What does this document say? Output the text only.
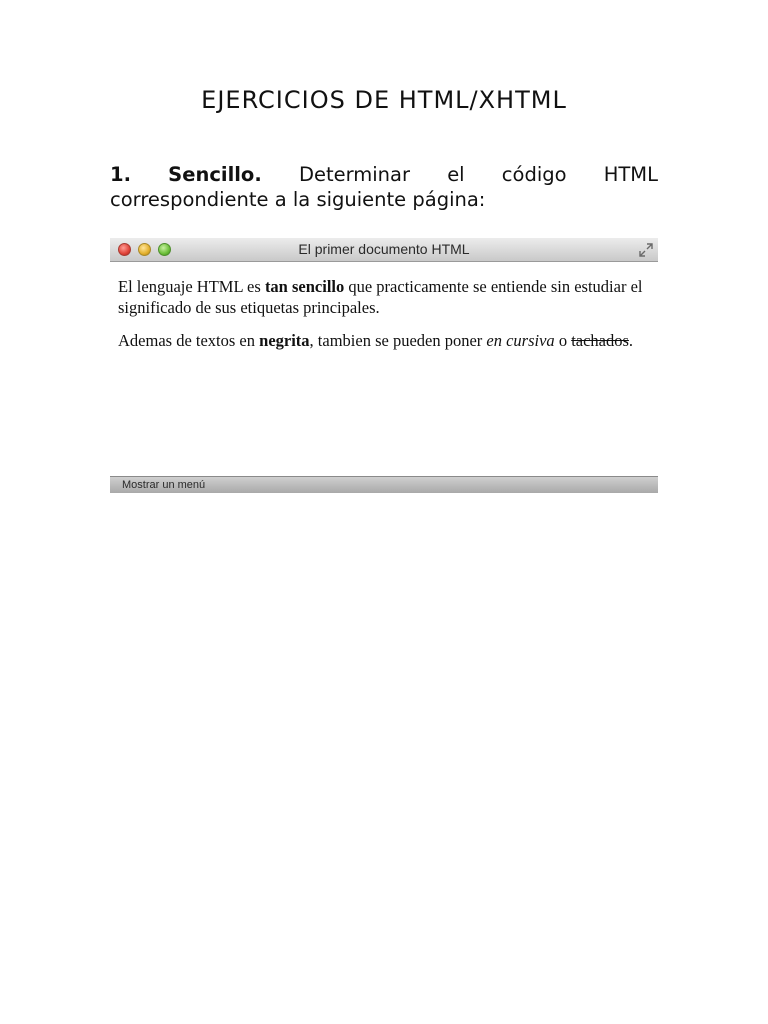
EJERCICIOS DE HTML/XHTML

1. Sencillo. Determinar el código HTML correspondiente a la siguiente página:

El primer documento HTML

El lenguaje HTML es tan sencillo que practicamente se entiende sin estudiar el significado de sus etiquetas principales.

Ademas de textos en negrita, tambien se pueden poner en cursiva o tachados.

Mostrar un menú
